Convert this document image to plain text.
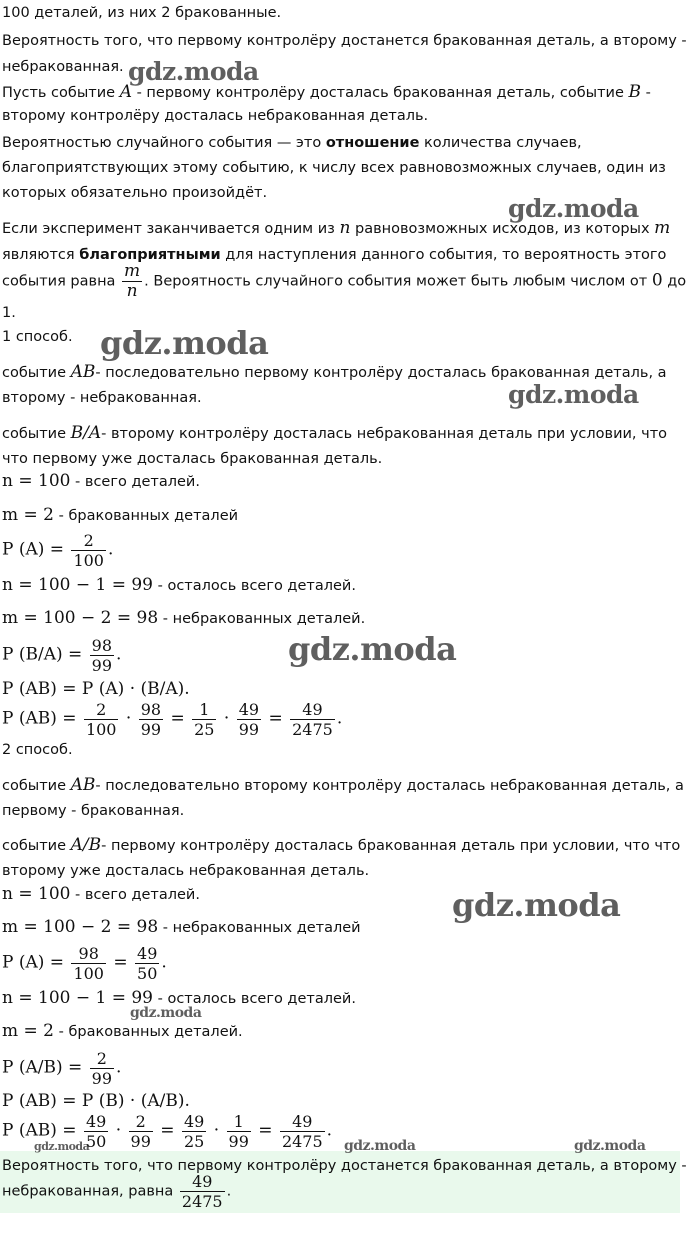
gdz.moda
gdz.moda
gdz.moda
gdz.moda
gdz.moda
gdz.moda
gdz.moda
gdz.moda	gdz.moda	gdz.moda
100 деталей, из них 2 бракованные.
Вероятность того, что первому контролёру достанется бракованная деталь, а второму -
небракованная.
Пусть событие A - первому контролёру досталась бракованная деталь, событие B -
второму контролёру досталась небракованная деталь.
Вероятностью случайного события — это отношение количества случаев,
благоприятствующих этому событию, к числу всех равновозможных случаев, один из
которых обязательно произойдёт.
Если эксперимент заканчивается одним из n равновозможных исходов, из которых m
являются благоприятными для наступления данного события, то вероятность этого
события равна $\frac{m}{n}$ . Вероятность случайного события может быть любым числом от 0 до
1.
1 способ.
событие AB- последовательно первому контролёру досталась бракованная деталь, а
второму - небракованная.
событие B/A- второму контролёру досталась небракованная деталь при условии, что
что первому уже досталась бракованная деталь.
n = 100 - всего деталей.
m = 2 - бракованных деталей
P $(A) = \frac{2}{100}$ .
n = 100 − 1 = 99 - осталось всего деталей.
m = 100 − 2 = 98 - небракованных деталей.
P $(B/A) = \frac{98}{99}$ .
P (AB) = P (A) · (B/A).
P $(AB) = \frac{2}{100} \cdot \frac{98}{99} = \frac{1}{25} \cdot \frac{49}{99} = \frac{49}{2475}$ .
2 способ.
событие AB- последовательно второму контролёру досталась небракованная деталь, а
первому - бракованная.
событие A/B- первому контролёру досталась бракованная деталь при условии, что что
второму уже досталась небракованная деталь.
n = 100 - всего деталей.
m = 100 − 2 = 98 - небракованных деталей
P $(A) = \frac{98}{100} = \frac{49}{50}$ .
n = 100 − 1 = 99 - осталось всего деталей.
m = 2 - бракованных деталей.
P $(A/B) = \frac{2}{99}$ .
P (AB) = P (B) · (A/B).
P $(AB) = \frac{49}{50} \cdot \frac{2}{99} = \frac{49}{25} \cdot \frac{1}{99} = \frac{49}{2475}$ .
Вероятность того, что первому контролёру достанется бракованная деталь, а второму -
небракованная, равна $\frac{49}{2475}$ .
